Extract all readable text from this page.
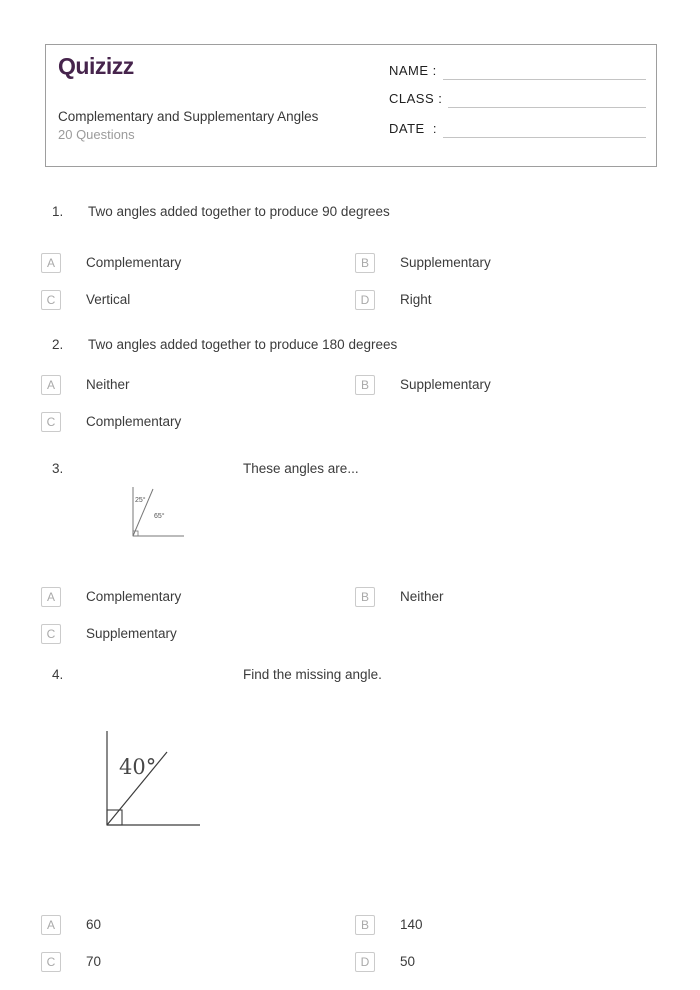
Quizizz
Complementary and Supplementary Angles
20 Questions
NAME :
CLASS :
DATE  :
1. Two angles added together to produce 90 degrees
A	Complementary	B	Supplementary
C	Vertical	D	Right
2. Two angles added together to produce 180 degrees
A	Neither	B	Supplementary
C	Complementary
3.	These angles are...
25°
65°
A	Complementary	B	Neither
C	Supplementary
4.	Find the missing angle.
40°
A	60	B	140
C	70	D	50
